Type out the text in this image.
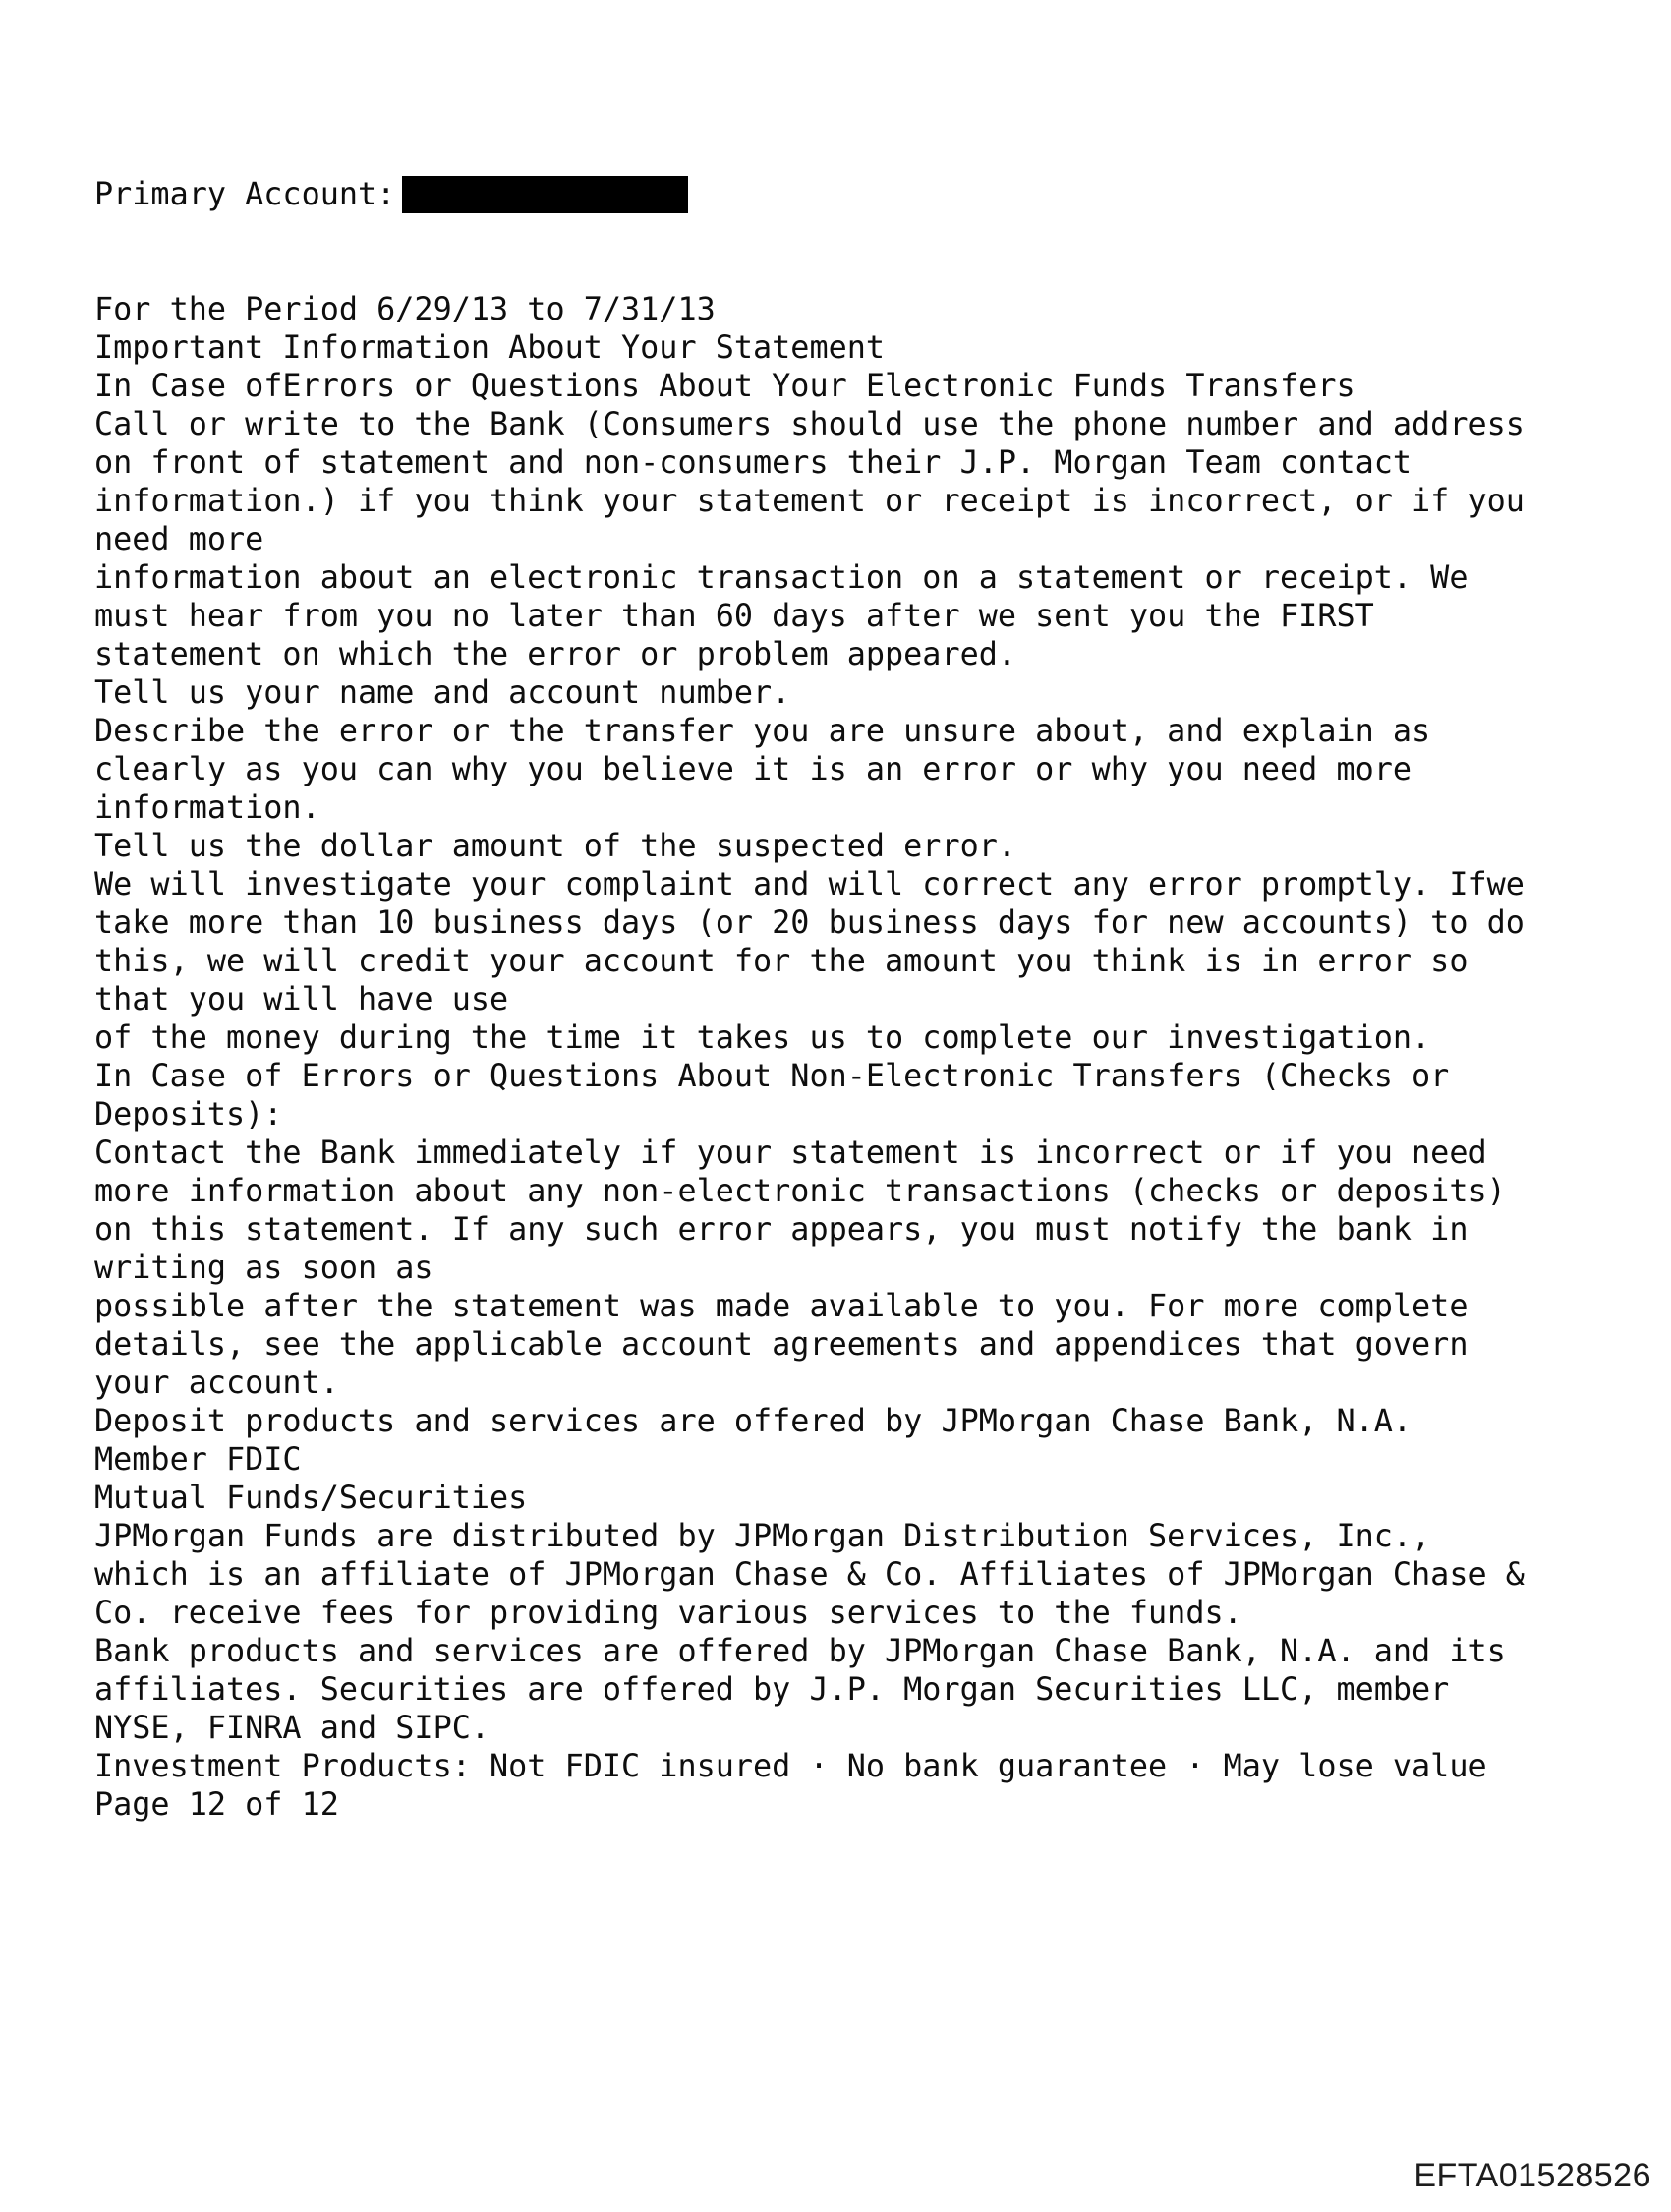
Primary Account:

For the Period 6/29/13 to 7/31/13
Important Information About Your Statement
In Case ofErrors or Questions About Your Electronic Funds Transfers
Call or write to the Bank (Consumers should use the phone number and address
on front of statement and non-consumers their J.P. Morgan Team contact
information.) if you think your statement or receipt is incorrect, or if you
need more
information about an electronic transaction on a statement or receipt. We
must hear from you no later than 60 days after we sent you the FIRST
statement on which the error or problem appeared.
Tell us your name and account number.
Describe the error or the transfer you are unsure about, and explain as
clearly as you can why you believe it is an error or why you need more
information.
Tell us the dollar amount of the suspected error.
We will investigate your complaint and will correct any error promptly. Ifwe
take more than 10 business days (or 20 business days for new accounts) to do
this, we will credit your account for the amount you think is in error so
that you will have use
of the money during the time it takes us to complete our investigation.
In Case of Errors or Questions About Non-Electronic Transfers (Checks or
Deposits):
Contact the Bank immediately if your statement is incorrect or if you need
more information about any non-electronic transactions (checks or deposits)
on this statement. If any such error appears, you must notify the bank in
writing as soon as
possible after the statement was made available to you. For more complete
details, see the applicable account agreements and appendices that govern
your account.
Deposit products and services are offered by JPMorgan Chase Bank, N.A.
Member FDIC
Mutual Funds/Securities
JPMorgan Funds are distributed by JPMorgan Distribution Services, Inc.,
which is an affiliate of JPMorgan Chase & Co. Affiliates of JPMorgan Chase &
Co. receive fees for providing various services to the funds.
Bank products and services are offered by JPMorgan Chase Bank, N.A. and its
affiliates. Securities are offered by J.P. Morgan Securities LLC, member
NYSE, FINRA and SIPC.
Investment Products: Not FDIC insured · No bank guarantee · May lose value
Page 12 of 12

EFTA01528526
